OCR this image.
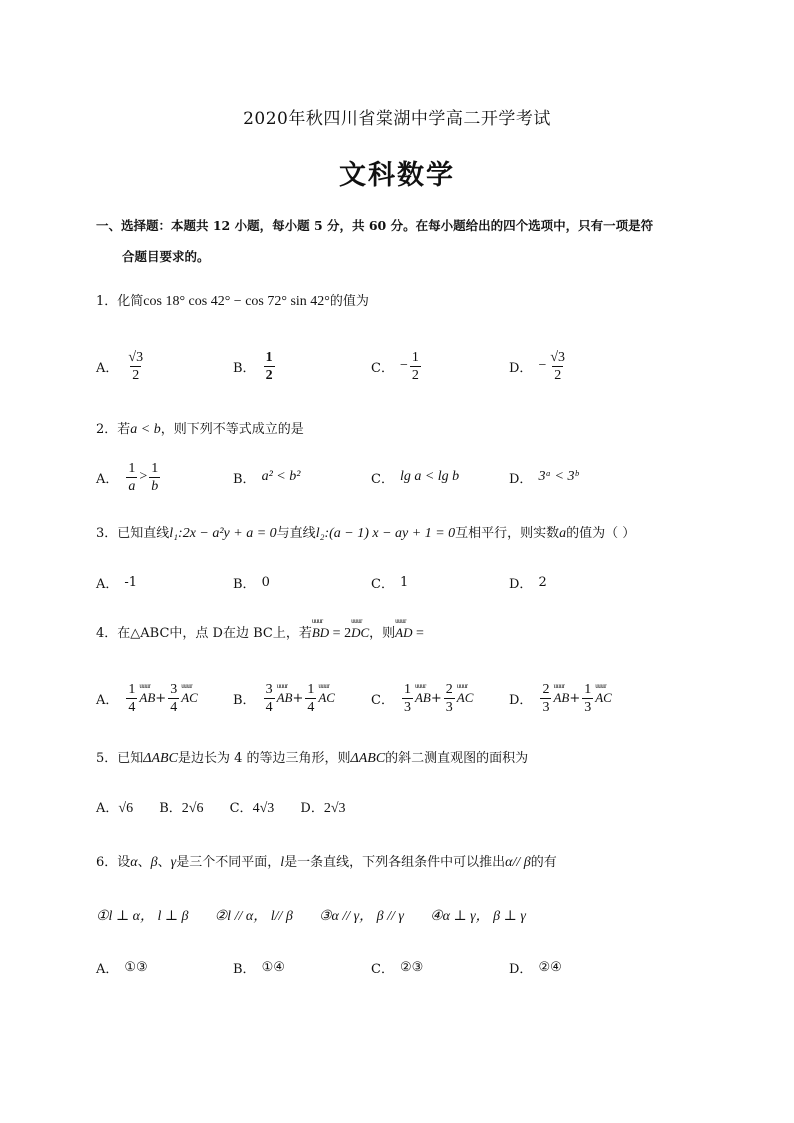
2020年秋四川省棠湖中学高二开学考试
文科数学
一、选择题：本题共 12 小题，每小题 5 分，共 60 分。在每小题给出的四个选项中，只有一项是符
合题目要求的。
1．化简cos 18° cos 42° − cos 72° sin 42°的值为
A． $\frac{√3}{2}$	B． $\frac{1}{2}$	C． − $\frac{1}{2}$	D． − $\frac{√3}{2}$
2．若a < b，则下列不等式成立的是
A． $\frac{1}{a} > \frac{1}{b}$	B． a² < b²	C． lg a < lg b	D． 3ᵃ < 3ᵇ
3．已知直线l₁:2x − a²y + a = 0与直线l₂:(a − 1) x − ay + 1 = 0互相平行，则实数a的值为（ ）
A． -1	B． 0	C． 1	D． 2
4．在△ABC中，点 D在边 BC上，若uuur BD = 2uuur DC，则uuur AD =
A． $\frac{1}{4}$ uuur AB + $\frac{3}{4}$ uuur AC	B． $\frac{3}{4}$ uuur AB + $\frac{1}{4}$ uuur AC	C． $\frac{1}{3}$ uuur AB + $\frac{2}{3}$ uuur AC	D． $\frac{2}{3}$ uuur AB + $\frac{1}{3}$ uuur AC
5．已知ΔABC是边长为 4 的等边三角形，则ΔABC的斜二测直观图的面积为
A．√6 B．2√6 C．4√3 D．2√3
6．设α、β、γ是三个不同平面，l是一条直线，下列各组条件中可以推出α// β的有
①l ⊥ α， l ⊥ β ②l // α， l// β ③α // γ， β // γ ④α ⊥ γ， β ⊥ γ
A． ①③	B． ①④	C． ②③	D． ②④
